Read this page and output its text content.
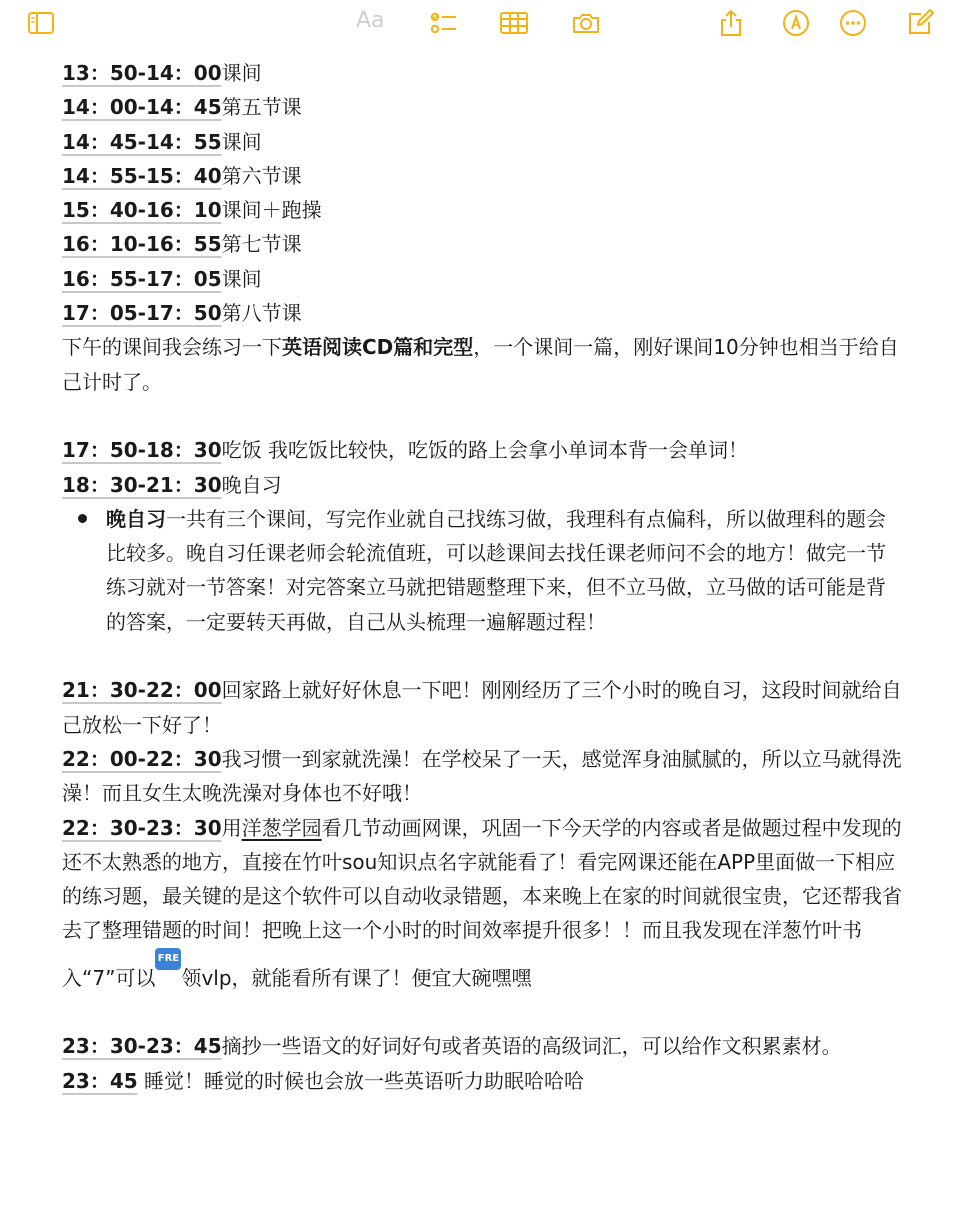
Aa
13：50-14：00课间
14：00-14：45第五节课
14：45-14：55课间
14：55-15：40第六节课
15：40-16：10课间＋跑操
16：10-16：55第七节课
16：55-17：05课间
17：05-17：50第八节课
下午的课间我会练习一下英语阅读CD篇和完型，一个课间一篇，刚好课间10分钟也相当于给自己计时了。
17：50-18：30吃饭 我吃饭比较快，吃饭的路上会拿小单词本背一会单词！
18：30-21：30晚自习
晚自习一共有三个课间，写完作业就自己找练习做，我理科有点偏科，所以做理科的题会比较多。晚自习任课老师会轮流值班，可以趁课间去找任课老师问不会的地方！做完一节练习就对一节答案！对完答案立马就把错题整理下来，但不立马做，立马做的话可能是背的答案，一定要转天再做，自己从头梳理一遍解题过程！
21：30-22：00回家路上就好好休息一下吧！刚刚经历了三个小时的晚自习，这段时间就给自己放松一下好了！
22：00-22：30我习惯一到家就洗澡！在学校呆了一天，感觉浑身油腻腻的，所以立马就得洗澡！而且女生太晚洗澡对身体也不好哦！
22：30-23：30用洋葱学园看几节动画网课，巩固一下今天学的内容或者是做题过程中发现的还不太熟悉的地方，直接在竹叶sou知识点名字就能看了！看完网课还能在APP里面做一下相应的练习题，最关键的是这个软件可以自动收录错题，本来晚上在家的时间就很宝贵，它还帮我省去了整理错题的时间！把晚上这一个小时的时间效率提升很多！！而且我发现在洋葱竹叶书入“7”可以FREE 领vlp，就能看所有课了！便宜大碗嘿嘿
23：30-23：45摘抄一些语文的好词好句或者英语的高级词汇，可以给作文积累素材。
23：45 睡觉！睡觉的时候也会放一些英语听力助眠哈哈哈
